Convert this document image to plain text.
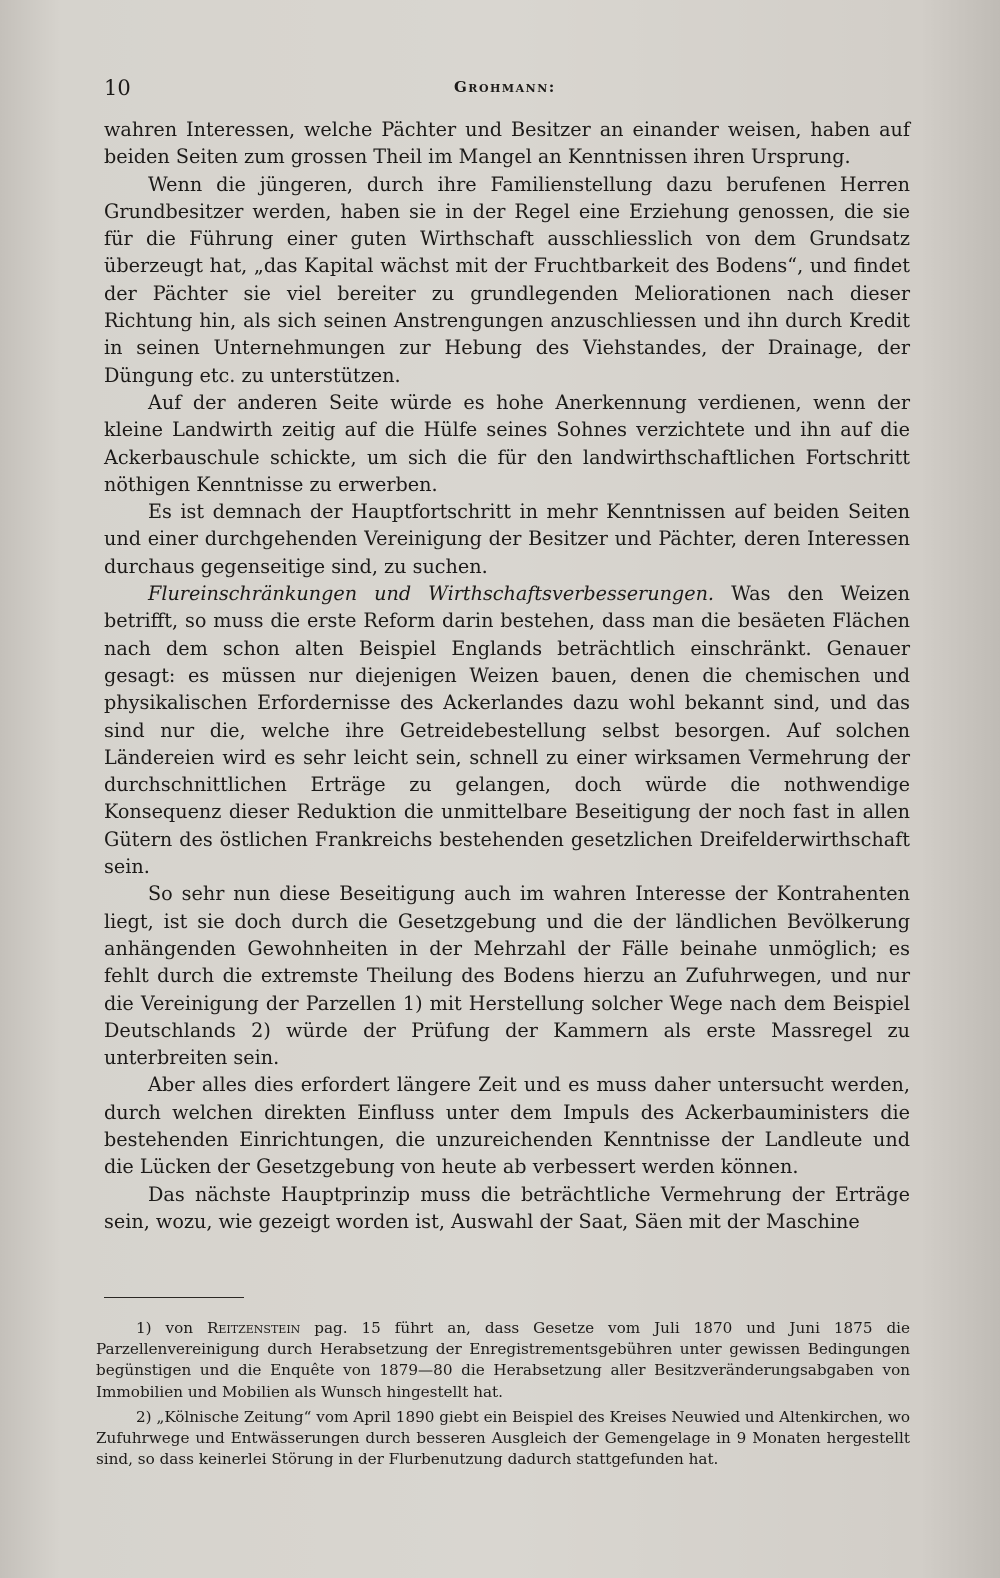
10	Grohmann:

wahren Interessen, welche Pächter und Besitzer an einander weisen, haben auf beiden Seiten zum grossen Theil im Mangel an Kenntnissen ihren Ursprung.

Wenn die jüngeren, durch ihre Familienstellung dazu berufenen Herren Grundbesitzer werden, haben sie in der Regel eine Erziehung genossen, die sie für die Führung einer guten Wirthschaft ausschliesslich von dem Grundsatz überzeugt hat, „das Kapital wächst mit der Fruchtbarkeit des Bodens“, und findet der Pächter sie viel bereiter zu grundlegenden Meliorationen nach dieser Richtung hin, als sich seinen Anstrengungen anzuschliessen und ihn durch Kredit in seinen Unternehmungen zur Hebung des Viehstandes, der Drainage, der Düngung etc. zu unterstützen.

Auf der anderen Seite würde es hohe Anerkennung verdienen, wenn der kleine Landwirth zeitig auf die Hülfe seines Sohnes verzichtete und ihn auf die Ackerbauschule schickte, um sich die für den landwirthschaftlichen Fortschritt nöthigen Kenntnisse zu erwerben.

Es ist demnach der Hauptfortschritt in mehr Kenntnissen auf beiden Seiten und einer durchgehenden Vereinigung der Besitzer und Pächter, deren Interessen durchaus gegenseitige sind, zu suchen.

Flureinschränkungen und Wirthschaftsverbesserungen. Was den Weizen betrifft, so muss die erste Reform darin bestehen, dass man die besäeten Flächen nach dem schon alten Beispiel Englands beträchtlich einschränkt. Genauer gesagt: es müssen nur diejenigen Weizen bauen, denen die chemischen und physikalischen Erfordernisse des Ackerlandes dazu wohl bekannt sind, und das sind nur die, welche ihre Getreidebestellung selbst besorgen. Auf solchen Ländereien wird es sehr leicht sein, schnell zu einer wirksamen Vermehrung der durchschnittlichen Erträge zu gelangen, doch würde die nothwendige Konsequenz dieser Reduktion die unmittelbare Beseitigung der noch fast in allen Gütern des östlichen Frankreichs bestehenden gesetzlichen Dreifelderwirthschaft sein.

So sehr nun diese Beseitigung auch im wahren Interesse der Kontrahenten liegt, ist sie doch durch die Gesetzgebung und die der ländlichen Bevölkerung anhängenden Gewohnheiten in der Mehrzahl der Fälle beinahe unmöglich; es fehlt durch die extremste Theilung des Bodens hierzu an Zufuhrwegen, und nur die Vereinigung der Parzellen 1) mit Herstellung solcher Wege nach dem Beispiel Deutschlands 2) würde der Prüfung der Kammern als erste Massregel zu unterbreiten sein.

Aber alles dies erfordert längere Zeit und es muss daher untersucht werden, durch welchen direkten Einfluss unter dem Impuls des Ackerbauministers die bestehenden Einrichtungen, die unzureichenden Kenntnisse der Landleute und die Lücken der Gesetzgebung von heute ab verbessert werden können.

Das nächste Hauptprinzip muss die beträchtliche Vermehrung der Erträge sein, wozu, wie gezeigt worden ist, Auswahl der Saat, Säen mit der Maschine

1) von Reitzenstein pag. 15 führt an, dass Gesetze vom Juli 1870 und Juni 1875 die Parzellenvereinigung durch Herabsetzung der Enregistrementsgebühren unter gewissen Bedingungen begünstigen und die Enquête von 1879—80 die Herabsetzung aller Besitzveränderungsabgaben von Immobilien und Mobilien als Wunsch hingestellt hat.

2) „Kölnische Zeitung“ vom April 1890 giebt ein Beispiel des Kreises Neuwied und Altenkirchen, wo Zufuhrwege und Entwässerungen durch besseren Ausgleich der Gemengelage in 9 Monaten hergestellt sind, so dass keinerlei Störung in der Flurbenutzung dadurch stattgefunden hat.
